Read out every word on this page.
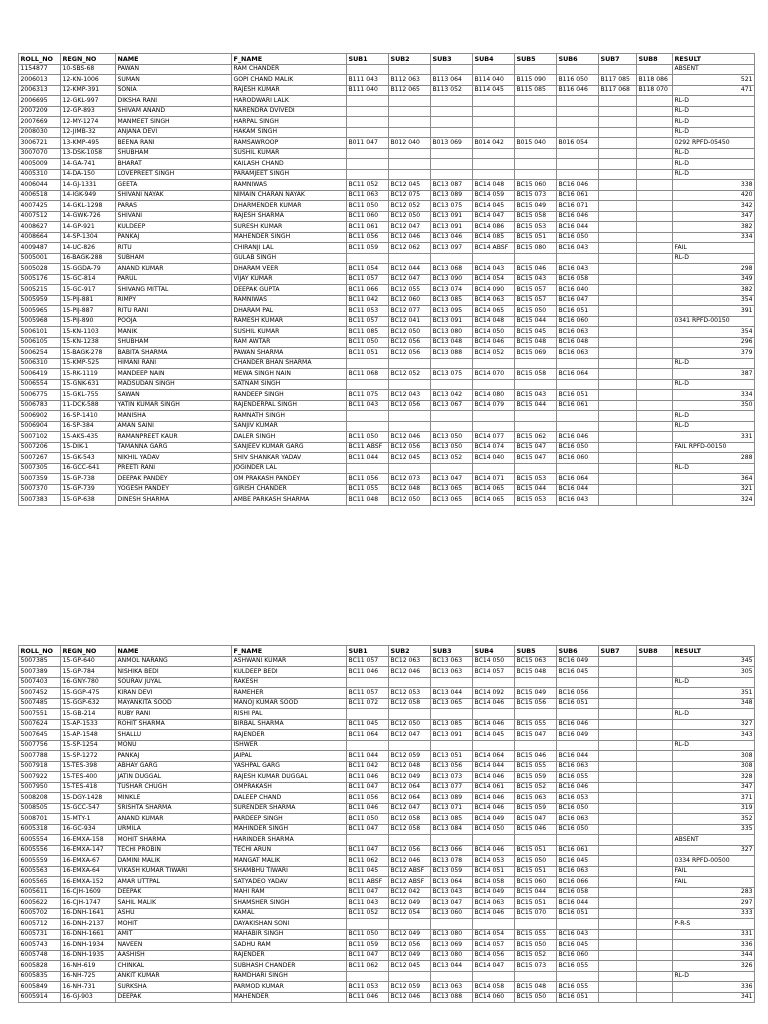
ROLL_NO	REGN_NO	NAME	F_NAME	SUB1	SUB2	SUB3	SUB4	SUB5	SUB6	SUB7	SUB8	RESULT
1154877	10-SBS-68	PAWAN	RAM CHANDER									ABSENT
2006013	12-KN-1006	SUMAN	GOPI CHAND MALIK	B111 043	B112 063	B113 064	B114 040	B115 090	B116 050	B117 085	B118 086	521
2006313	12-KMP-391	SONIA	RAJESH KUMAR	B111 040	B112 065	B113 052	B114 045	B115 085	B116 046	B117 068	B118 070	471
2006695	12-GKL-997	DIKSHA RANI	HARODWARI LALK									RL-D
2007209	12-GP-893	SHIVAM ANAND	NARENDRA DVIVEDI									RL-D
2007669	12-MY-1274	MANMEET SINGH	HARPAL SINGH									RL-D
2008030	12-JIMB-32	ANJANA DEVI	HAKAM SINGH									RL-D
3006721	13-KMP-495	BEENA RANI	RAMSAWROOP	B011 047	B012 040	B013 069	B014 042	B015 040	B016 054			0292 RPFD-05450
3007070	13-DSK-1058	SHUBHAM	SUSHIL KUMAR									RL-D
4005009	14-GA-741	BHARAT	KAILASH CHAND									RL-D
4005310	14-DA-150	LOVEPREET SINGH	PARAMJEET SINGH									RL-D
4006044	14-GJ-1331	GEETA	RAMNIWAS	BC11 052	BC12 045	BC13 087	BC14 048	BC15 060	BC16 046			338
4006518	14-IGK-949	SHIVANI NAYAK	NIMAIN CHARAN NAYAK	BC11 063	BC12 075	BC13 089	BC14 059	BC15 073	BC16 061			420
4007425	14-GKL-1298	PARAS	DHARMENDER KUMAR	BC11 050	BC12 052	BC13 075	BC14 045	BC15 049	BC16 071			342
4007512	14-GWK-726	SHIVANI	RAJESH SHARMA	BC11 060	BC12 050	BC13 091	BC14 047	BC15 058	BC16 046			347
4008627	14-GP-921	KULDEEP	SURESH KUMAR	BC11 061	BC12 047	BC13 091	BC14 086	BC15 053	BC16 044			382
4008664	14-SP-1304	PANKAJ	MAHENDER SINGH	BC11 056	BC12 046	BC13 046	BC14 085	BC15 051	BC16 050			334
4009487	14-UC-826	RITU	CHIRANJI LAL	BC11 059	BC12 062	BC13 097	BC14 ABSF	BC15 080	BC16 043			FAIL
5005001	16-BAGK-288	SUBHAM	GULAB SINGH									RL-D
5005028	15-GGDA-79	ANAND KUMAR	DHARAM VEER	BC11 054	BC12 044	BC13 068	BC14 043	BC15 046	BC16 043			298
5005176	15-GC-814	PARUL	VIJAY KUMAR	BC11 057	BC12 047	BC13 090	BC14 054	BC15 043	BC16 058			349
5005215	15-GC-917	SHIVANG MITTAL	DEEPAK GUPTA	BC11 066	BC12 055	BC13 074	BC14 090	BC15 057	BC16 040			382
5005959	15-PIJ-881	RIMPY	RAMNIWAS	BC11 042	BC12 060	BC13 085	BC14 063	BC15 057	BC16 047			354
5005965	15-PIJ-887	RITU RANI	DHARAM PAL	BC11 053	BC12 077	BC13 095	BC14 065	BC15 050	BC16 051			391
5005968	15-PIJ-890	POOJA	RAMESH KUMAR	BC11 057	BC12 041	BC13 091	BC14 048	BC15 044	BC16 060			0341 RPFD-00150
5006101	15-KN-1103	MANIK	SUSHIL KUMAR	BC11 085	BC12 050	BC13 080	BC14 050	BC15 045	BC16 063			354
5006105	15-KN-1238	SHUBHAM	RAM AWTAR	BC11 050	BC12 056	BC13 048	BC14 046	BC15 048	BC16 048			296
5006254	15-BAGK-278	BABITA SHARMA	PAWAN SHARMA	BC11 051	BC12 056	BC13 088	BC14 052	BC15 069	BC16 063			379
5006310	15-KMP-525	HIMANI RANI	CHANDER BHAN SHARMA									RL-D
5006419	15-RK-1119	MANDEEP NAIN	MEWA SINGH NAIN	BC11 068	BC12 052	BC13 075	BC14 070	BC15 058	BC16 064			387
5006554	15-GNK-631	MADSUDAN SINGH	SATNAM SINGH									RL-D
5006775	15-GKL-755	SAWAN	RANDEEP SINGH	BC11 075	BC12 043	BC13 042	BC14 080	BC15 043	BC16 051			334
5006783	11-DCK-588	YATIN KUMAR SINGH	RAJENDERPAL SINGH	BC11 043	BC12 056	BC13 067	BC14 079	BC15 044	BC16 061			350
5006902	16-SP-1410	MANISHA	RAMNATH SINGH									RL-D
5006904	16-SP-384	AMAN SAINI	SANJIV KUMAR									RL-D
5007102	15-AKS-435	RAMANPREET KAUR	DALER SINGH	BC11 050	BC12 046	BC13 050	BC14 077	BC15 062	BC16 046			331
5007206	15-DIK-1	TAMANNA GARG	SANJEEV KUMAR GARG	BC11 ABSF	BC12 056	BC13 050	BC14 074	BC15 047	BC16 050			FAIL RPFD-00150
5007267	15-GK-543	NIKHIL YADAV	SHIV SHANKAR YADAV	BC11 044	BC12 045	BC13 052	BC14 040	BC15 047	BC16 060			288
5007305	16-GCC-641	PREETI RANI	JOGINDER LAL									RL-D
5007359	15-GP-738	DEEPAK PANDEY	OM PRAKASH PANDEY	BC11 056	BC12 073	BC13 047	BC14 071	BC15 053	BC16 064			364
5007370	15-GP-739	YOGESH PANDEY	GIRISH CHANDER	BC11 055	BC12 048	BC13 065	BC14 065	BC15 044	BC16 044			321
5007383	15-GP-638	DINESH SHARMA	AMBE PARKASH SHARMA	BC11 048	BC12 050	BC13 065	BC14 065	BC15 053	BC16 043			324
ROLL_NO	REGN_NO	NAME	F_NAME	SUB1	SUB2	SUB3	SUB4	SUB5	SUB6	SUB7	SUB8	RESULT
5007385	15-GP-640	ANMOL NARANG	ASHWANI KUMAR	BC11 057	BC12 063	BC13 063	BC14 050	BC15 063	BC16 049			345
5007389	15-GP-784	NISHIKA BEDI	KULDEEP BEDI	BC11 046	BC12 046	BC13 063	BC14 057	BC15 048	BC16 045			305
5007403	16-GNY-780	SOURAV JUYAL	RAKESH									RL-D
5007452	15-GGP-475	KIRAN DEVI	RAMEHER	BC11 057	BC12 053	BC13 044	BC14 092	BC15 049	BC16 056			351
5007485	15-GGP-632	MAYANKITA SOOD	MANOJ KUMAR SOOD	BC11 072	BC12 058	BC13 065	BC14 046	BC15 056	BC16 051			348
5007551	15-GB-214	RUBY RANI	RISHI PAL									RL-D
5007624	15-AP-1533	ROHIT SHARMA	BIRBAL SHARMA	BC11 045	BC12 050	BC13 085	BC14 046	BC15 055	BC16 046			327
5007645	15-AP-1548	SHALLU	RAJENDER	BC11 064	BC12 047	BC13 091	BC14 045	BC15 047	BC16 049			343
5007756	15-SP-1254	MONU	ISHWER									RL-D
5007788	15-SP-1272	PANKAJ	JAIPAL	BC11 044	BC12 059	BC13 051	BC14 064	BC15 046	BC16 044			308
5007918	15-TES-398	ABHAY GARG	YASHPAL GARG	BC11 042	BC12 048	BC13 056	BC14 044	BC15 055	BC16 063			308
5007922	15-TES-400	JATIN DUGGAL	RAJESH KUMAR DUGGAL	BC11 046	BC12 049	BC13 073	BC14 046	BC15 059	BC16 055			328
5007950	15-TES-418	TUSHAR CHUGH	OMPRAKASH	BC11 047	BC12 064	BC13 077	BC14 061	BC15 052	BC16 046			347
5008208	15-DGY-1428	MINKLE	DALEEP CHAND	BC11 056	BC12 064	BC13 089	BC14 046	BC15 063	BC16 053			371
5008505	15-GCC-547	SRISHTA SHARMA	SURENDER SHARMA	BC11 046	BC12 047	BC13 071	BC14 046	BC15 059	BC16 050			319
5008701	15-MTY-1	ANAND KUMAR	PARDEEP SINGH	BC11 050	BC12 058	BC13 085	BC14 049	BC15 047	BC16 063			352
6005318	16-GC-934	URMILA	MAHINDER SINGH	BC11 047	BC12 058	BC13 084	BC14 050	BC15 046	BC16 050			335
6005554	16-EMXA-158	MOHIT SHARMA	HARINDER SHARMA									ABSENT
6005556	16-EMXA-147	TECHI PROBIN	TECHI ARUN	BC11 047	BC12 056	BC13 066	BC14 046	BC15 051	BC16 061			327
6005559	16-EMXA-67	DAMINI MALIK	MANGAT MALIK	BC11 062	BC12 046	BC13 078	BC14 053	BC15 050	BC16 045			0334 RPFD-00500
6005563	16-EMXA-64	VIKASH KUMAR TIWARI	SHAMBHU TIWARI	BC11 045	BC12 ABSF	BC13 059	BC14 051	BC15 051	BC16 063			FAIL
6005565	16-EMXA-152	AMAR UTTPAL	SATYADEO YADAV	BC11 ABSF	BC12 ABSF	BC13 064	BC14 058	BC15 060	BC16 066			FAIL
6005611	16-CJH-1609	DEEPAK	MAHI RAM	BC11 047	BC12 042	BC13 043	BC14 049	BC15 044	BC16 058			283
6005622	16-CJH-1747	SAHIL MALIK	SHAMSHER SINGH	BC11 043	BC12 049	BC13 047	BC14 063	BC15 051	BC16 044			297
6005702	16-DNH-1641	ASHU	KAMAL	BC11 052	BC12 054	BC13 060	BC14 046	BC15 070	BC16 051			333
6005712	16-DNH-2137	MOHIT	DAYAKISHAN SONI									P-R-S
6005731	16-DNH-1661	AMIT	MAHABIR SINGH	BC11 050	BC12 049	BC13 080	BC14 054	BC15 055	BC16 043			331
6005743	16-DNH-1934	NAVEEN	SADHU RAM	BC11 059	BC12 056	BC13 069	BC14 057	BC15 050	BC16 045			336
6005748	16-DNH-1935	AASHISH	RAJENDER	BC11 047	BC12 049	BC13 080	BC14 056	BC15 052	BC16 060			344
6005828	16-NH-619	CHINKAL	SUBHASH CHANDER	BC11 062	BC12 045	BC13 044	BC14 047	BC15 073	BC16 055			326
6005835	16-NH-725	ANKIT KUMAR	RAMDHARI SINGH									RL-D
6005849	16-NH-731	SURKSHA	PARMOD KUMAR	BC11 053	BC12 059	BC13 063	BC14 058	BC15 048	BC16 055			336
6005914	16-GJ-903	DEEPAK	MAHENDER	BC11 046	BC12 046	BC13 088	BC14 060	BC15 050	BC16 051			341
